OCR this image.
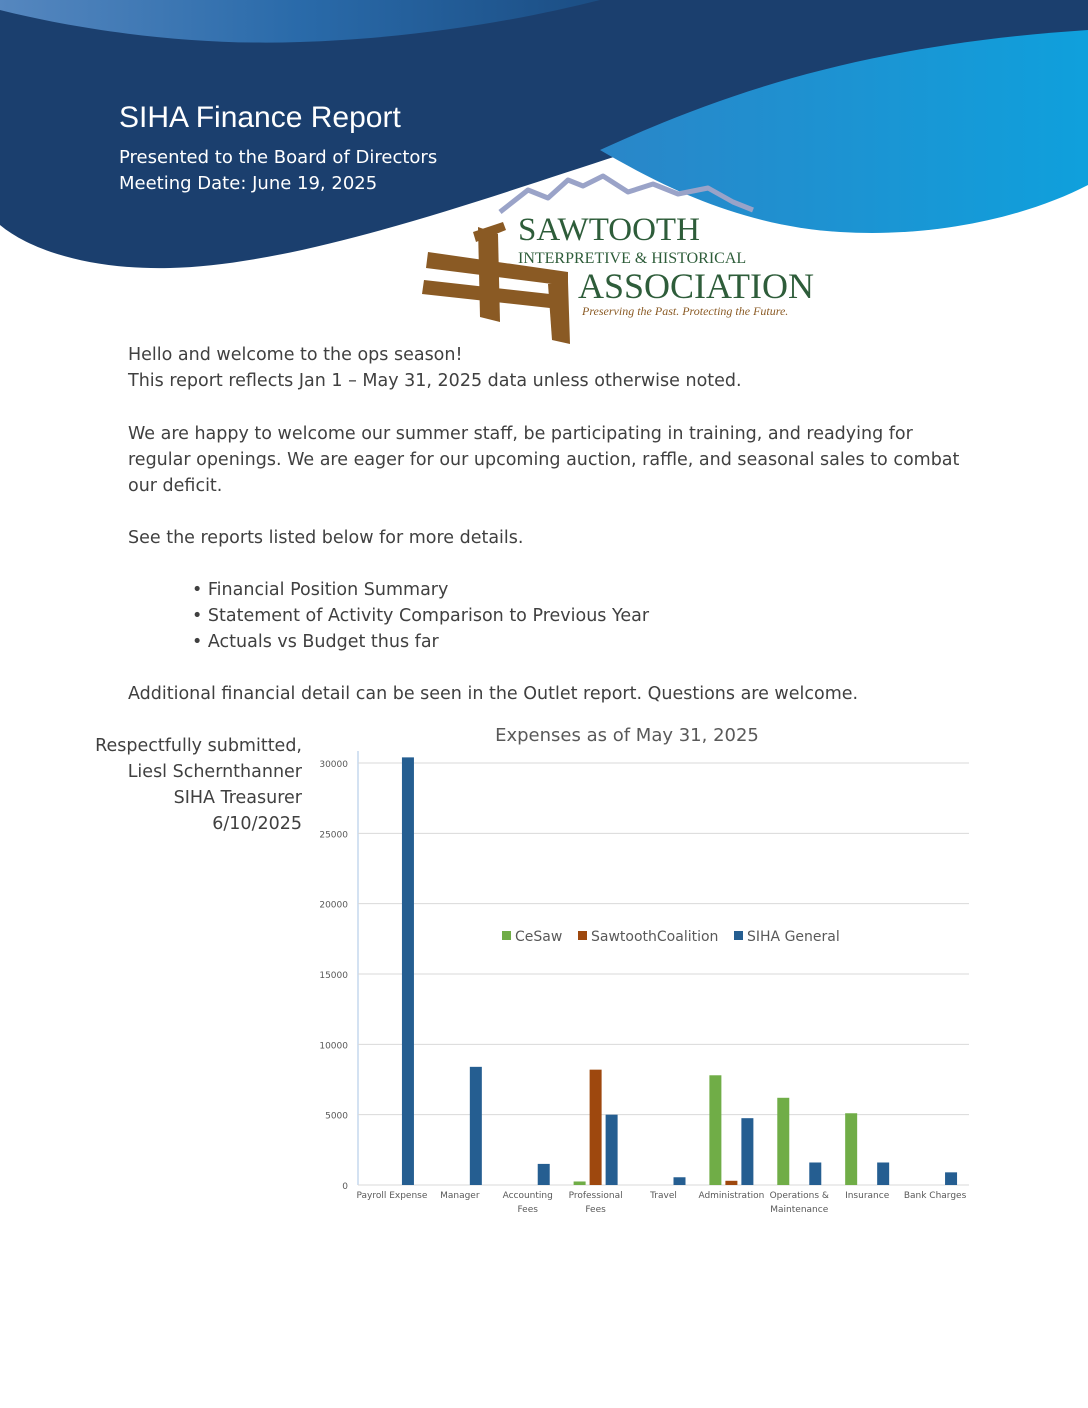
SIHA Finance Report
Presented to the Board of Directors
Meeting Date: June 19, 2025
SAWTOOTH
INTERPRETIVE & HISTORICAL
ASSOCIATION
Preserving the Past. Protecting the Future.
Hello and welcome to the ops season!
This report reflects Jan 1 – May 31, 2025 data unless otherwise noted.
We are happy to welcome our summer staff, be participating in training, and readying for
regular openings. We are eager for our upcoming auction, raffle, and seasonal sales to combat
our deficit.
See the reports listed below for more details.
• Financial Position Summary
• Statement of Activity Comparison to Previous Year
• Actuals vs Budget thus far
Additional financial detail can be seen in the Outlet report. Questions are welcome.
Respectfully submitted,
Liesl Schernthanner
SIHA Treasurer
6/10/2025
Expenses as of May 31, 2025
0
5000
10000
15000
20000
25000
30000
Payroll Expense Manager	Accounting Fees
Professional Fees
Travel Administration Operations & Maintenance
Insurance Bank Charges
CeSaw SawtoothCoalition SIHA General
